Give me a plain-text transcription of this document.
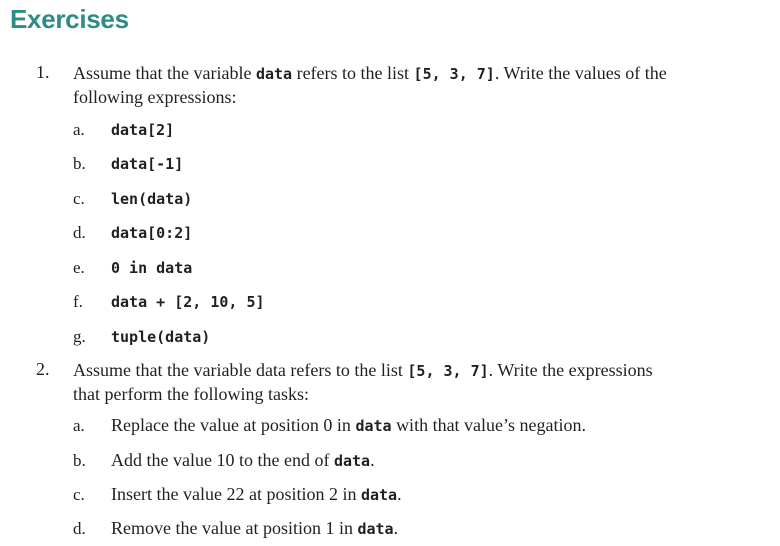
Exercises
1. Assume that the variable data refers to the list [5, 3, 7]. Write the values of the
following expressions:
a. data[2]
b. data[-1]
c. len(data)
d. data[0:2]
e. 0 in data
f. data + [2, 10, 5]
g. tuple(data)
2. Assume that the variable data refers to the list [5, 3, 7]. Write the expressions
that perform the following tasks:
a. Replace the value at position 0 in data with that value’s negation.
b. Add the value 10 to the end of data.
c. Insert the value 22 at position 2 in data.
d. Remove the value at position 1 in data.
